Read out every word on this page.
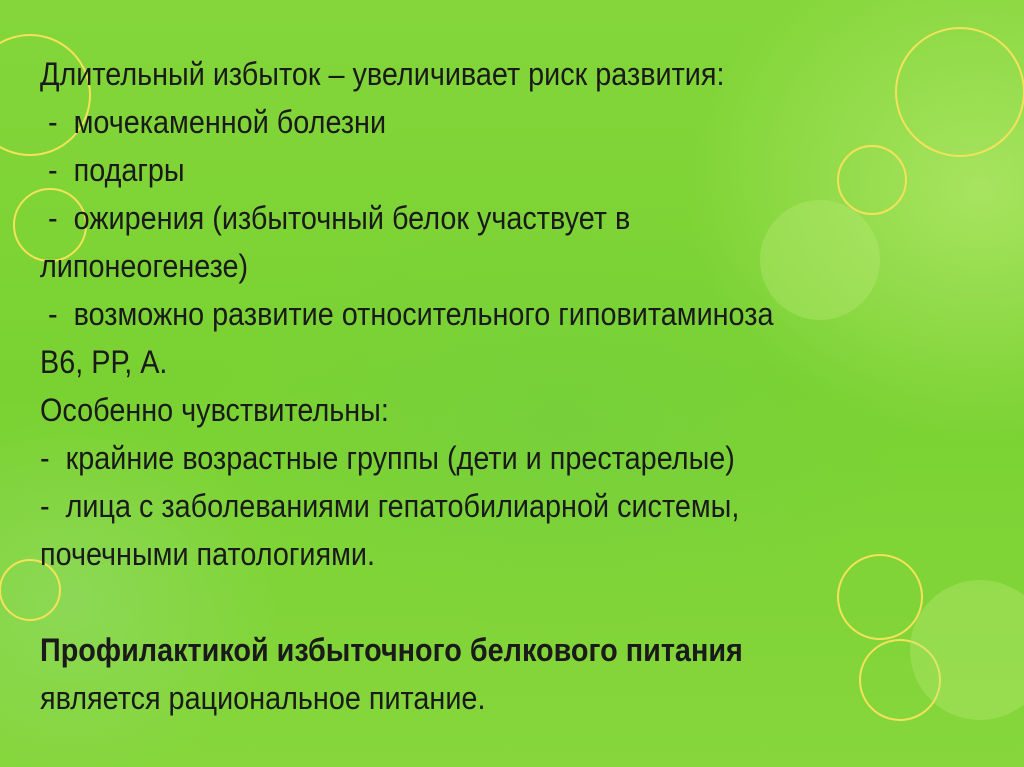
Длительный избыток – увеличивает риск развития:
-  мочекаменной болезни
-  подагры
-  ожирения (избыточный белок участвует в
липонеогенезе)
-  возможно развитие относительного гиповитаминоза
В6, РР, А.
Особенно чувствительны:
-  крайние возрастные группы (дети и престарелые)
-  лица с заболеваниями гепатобилиарной системы,
почечными патологиями.
Профилактикой избыточного белкового питания
является рациональное питание.
